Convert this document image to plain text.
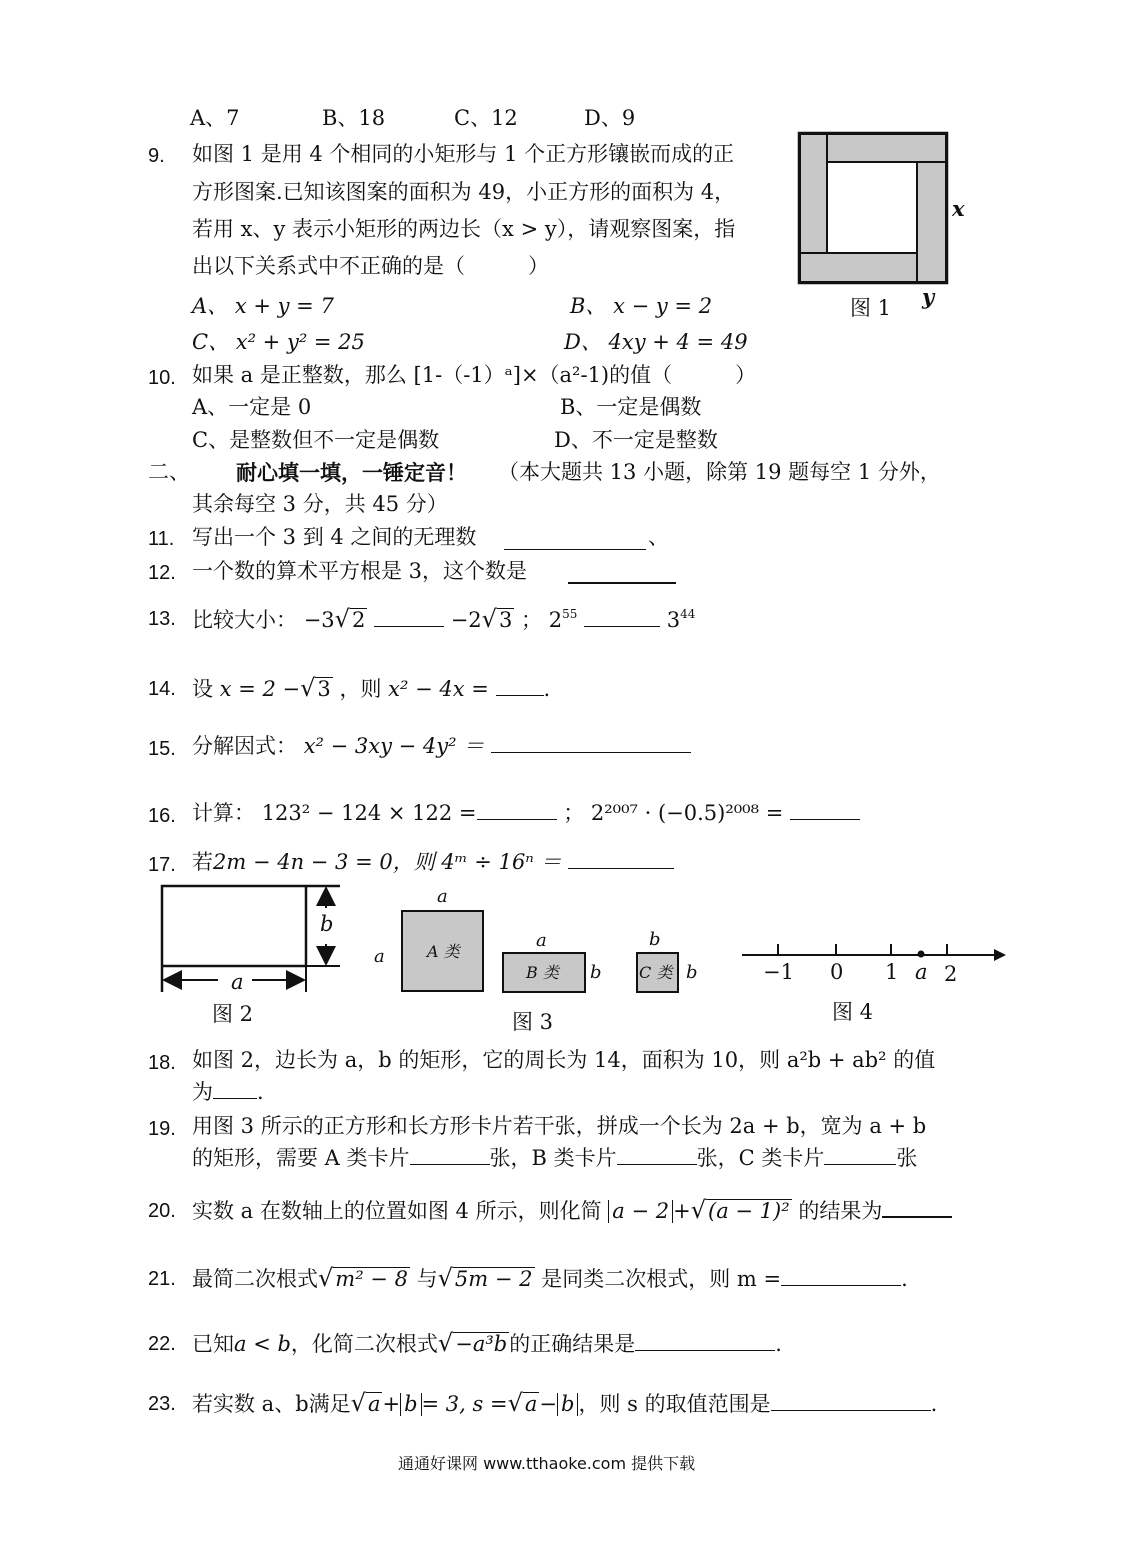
A、7	B、18	C、12	D、9
9. 如图 1 是用 4 个相同的小矩形与 1 个正方形镶嵌而成的正
方形图案.已知该图案的面积为 49，小正方形的面积为 4，
若用 x、y 表示小矩形的两边长（x > y），请观察图案，指
出以下关系式中不正确的是（　　　）
A、 x + y = 7	B、 x − y = 2
C、 x² + y² = 25	D、 4xy + 4 = 49
x
y
图 1
10. 如果 a 是正整数，那么 [1-（-1）ᵃ]×（a²-1)的值（　　　）
A、一定是 0	B、一定是偶数
C、是整数但不一定是偶数	D、不一定是整数
二、 耐心填一填，一锤定音！ （本大题共 13 小题，除第 19 题每空 1 分外，
其余每空 3 分，共 45 分）
11. 写出一个 3 到 4 之间的无理数	、
12. 一个数的算术平方根是 3，这个数是
13. 比较大小： −3√2	−2√3 ； $2^{55}$	$3^{44}$
14. 设 x = 2 −√3 ，则 x² − 4x =	.
15. 分解因式： x² − 3xy − 4y² ＝
16. 计算： 123² − 124 × 122 =	； 2²⁰⁰⁷ · (−0.5)²⁰⁰⁸ =
17. 若2m − 4n − 3 = 0，则 4ᵐ ÷ 16ⁿ ＝
b
a
图 2
a
a	A 类
a
B 类 b
b
C 类 b
图 3
−1 0 1 a 2
图 4
18. 如图 2，边长为 a，b 的矩形，它的周长为 14，面积为 10，则 a²b + ab² 的值
为 .
19. 用图 3 所示的正方形和长方形卡片若干张，拼成一个长为 2a + b，宽为 a + b
的矩形，需要 A 类卡片	张，B 类卡片	张，C 类卡片	张
20. 实数 a 在数轴上的位置如图 4 所示，则化简 a − 2 +√(a − 1)² 的结果为
21. 最简二次根式√m² − 8 与√5m − 2 是同类二次根式，则 m =	.
22. 已知a < b，化简二次根式√−a³b的正确结果是	.
23. 若实数 a、b满足√a+ b = 3, s =√a− b ，则 s 的取值范围是	.
通通好课网 www.tthaoke.com 提供下载
